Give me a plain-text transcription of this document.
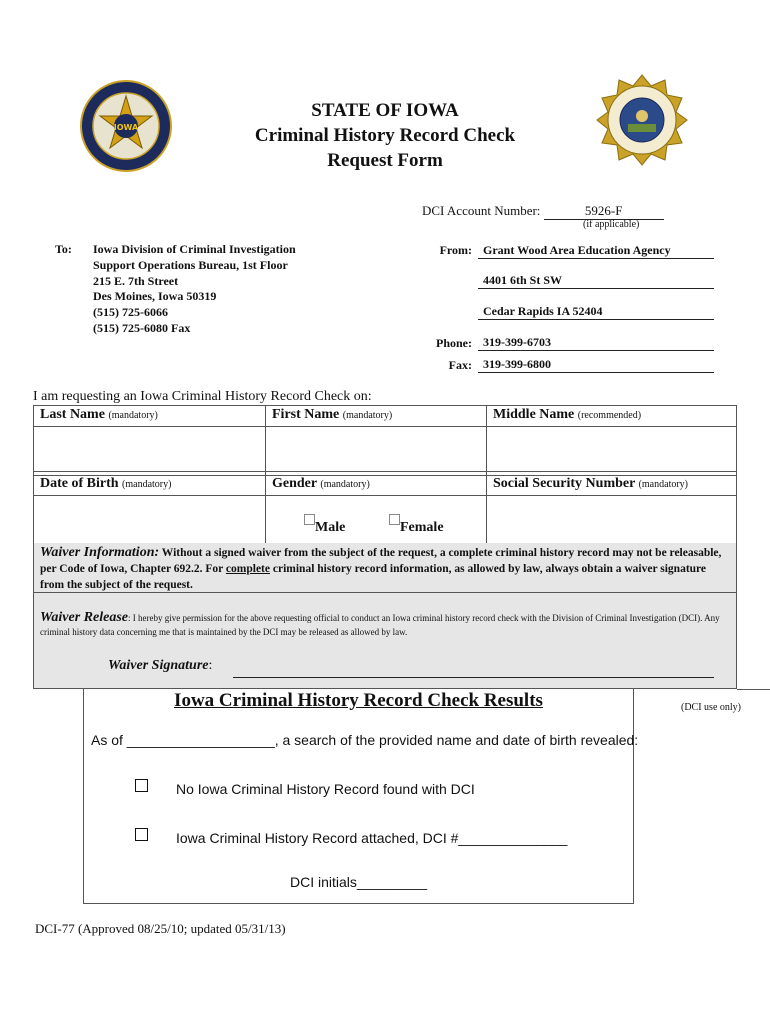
IOWA
STATE OF IOWA
Criminal History Record Check
Request Form
DCI Account Number:	5926-F
(if applicable)
To: Iowa Division of Criminal Investigation
Support Operations Bureau, 1st Floor
215 E. 7th Street
Des Moines, Iowa 50319
(515) 725-6066
(515) 725-6080 Fax
From: Grant Wood Area Education Agency
4401 6th St SW
Cedar Rapids IA 52404
Phone: 319-399-6703
Fax: 319-399-6800
I am requesting an Iowa Criminal History Record Check on:
Last Name (mandatory)	First Name (mandatory)	Middle Name (recommended)
Date of Birth (mandatory)	Gender (mandatory)	Social Security Number (mandatory)
Male	Female
Waiver Information: Without a signed waiver from the subject of the request, a complete criminal history record may not be releasable, per Code of Iowa, Chapter 692.2. For complete criminal history record information, as allowed by law, always obtain a waiver signature from the subject of the request.
Waiver Release: I hereby give permission for the above requesting official to conduct an Iowa criminal history record check with the Division of Criminal Investigation (DCI). Any criminal history data concerning me that is maintained by the DCI may be released as allowed by law.
Waiver Signature:
Iowa Criminal History Record Check Results	(DCI use only)
As of ___________________, a search of the provided name and date of birth revealed:
No Iowa Criminal History Record found with DCI
Iowa Criminal History Record attached, DCI #______________
DCI initials_________
DCI-77 (Approved 08/25/10; updated 05/31/13)
